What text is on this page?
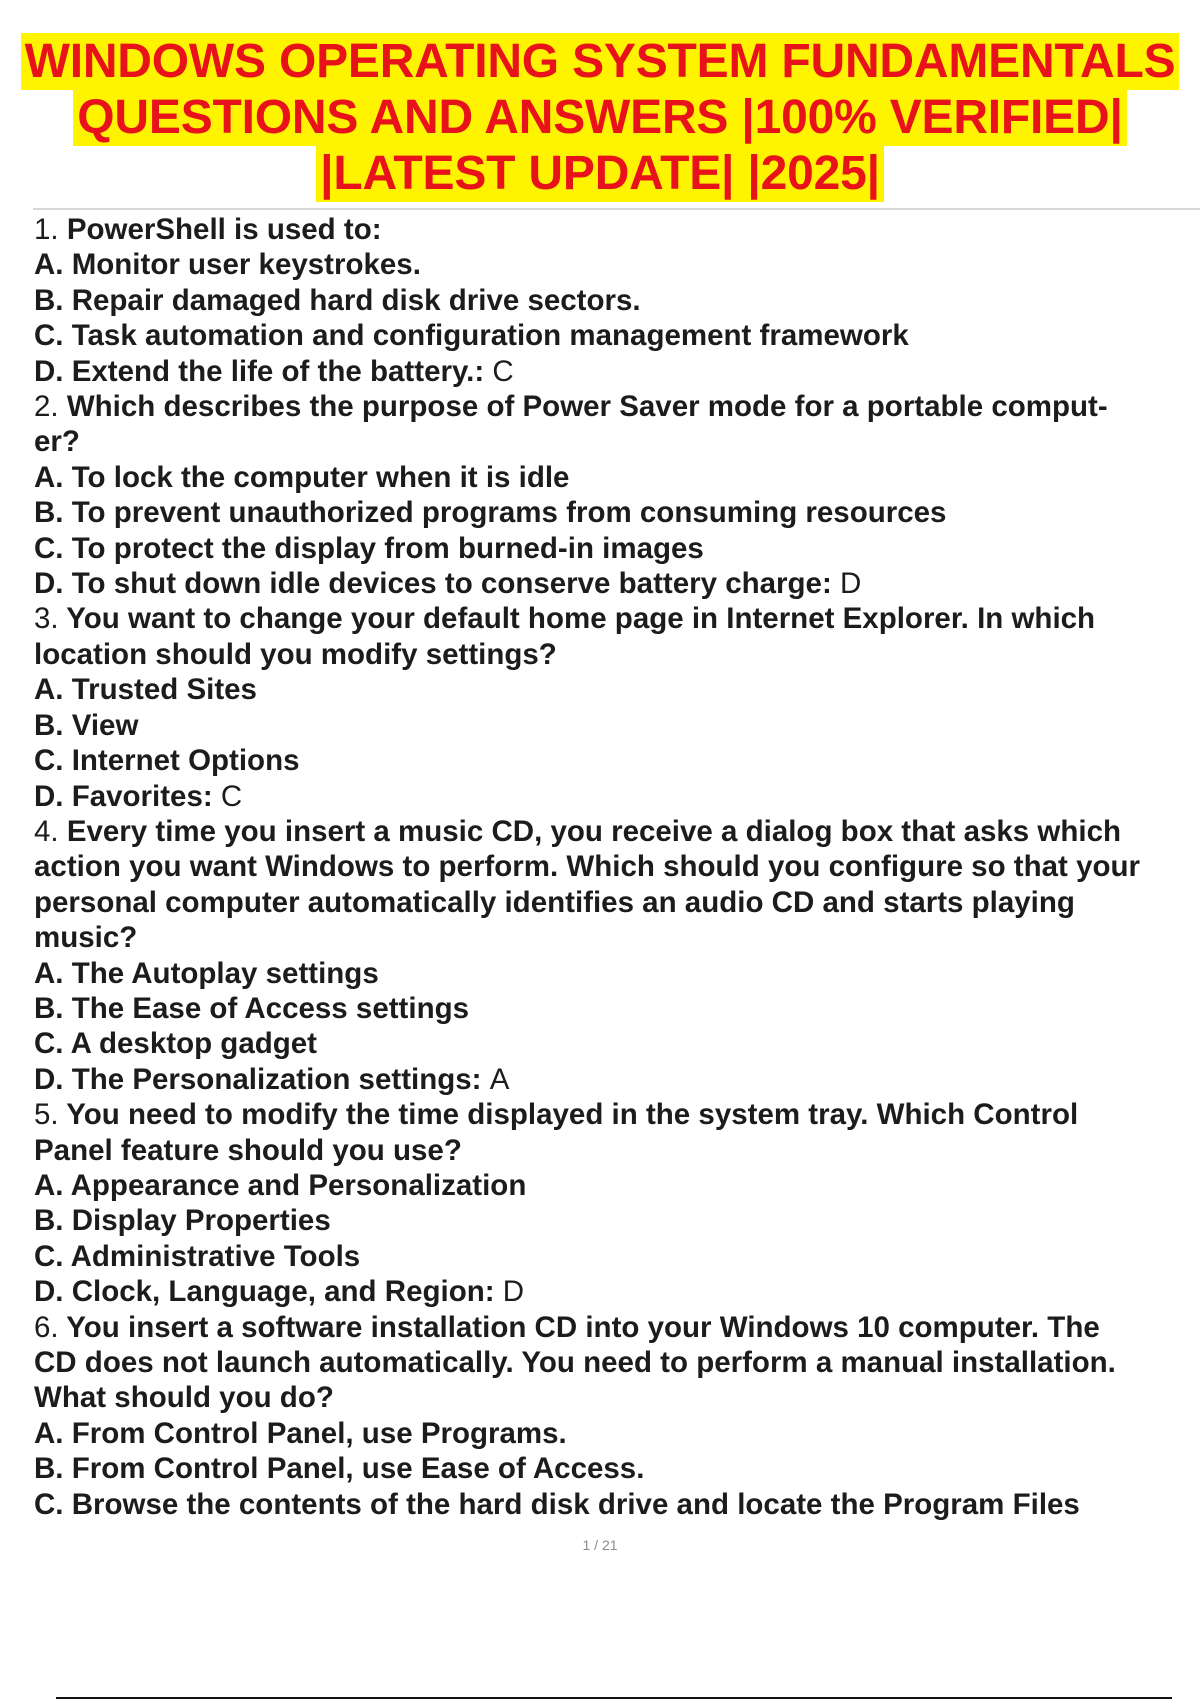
WINDOWS OPERATING SYSTEM FUNDAMENTALS
QUESTIONS AND ANSWERS |100% VERIFIED|
|LATEST UPDATE| |2025|
1. PowerShell is used to:
A. Monitor user keystrokes.
B. Repair damaged hard disk drive sectors.
C. Task automation and configuration management framework
D. Extend the life of the battery.: C
2. Which describes the purpose of Power Saver mode for a portable comput-
er?
A. To lock the computer when it is idle
B. To prevent unauthorized programs from consuming resources
C. To protect the display from burned-in images
D. To shut down idle devices to conserve battery charge: D
3. You want to change your default home page in Internet Explorer. In which
location should you modify settings?
A. Trusted Sites
B. View
C. Internet Options
D. Favorites: C
4. Every time you insert a music CD, you receive a dialog box that asks which
action you want Windows to perform. Which should you configure so that your
personal computer automatically identifies an audio CD and starts playing
music?
A. The Autoplay settings
B. The Ease of Access settings
C. A desktop gadget
D. The Personalization settings: A
5. You need to modify the time displayed in the system tray. Which Control
Panel feature should you use?
A. Appearance and Personalization
B. Display Properties
C. Administrative Tools
D. Clock, Language, and Region: D
6. You insert a software installation CD into your Windows 10 computer. The
CD does not launch automatically. You need to perform a manual installation.
What should you do?
A. From Control Panel, use Programs.
B. From Control Panel, use Ease of Access.
C. Browse the contents of the hard disk drive and locate the Program Files
1 / 21
